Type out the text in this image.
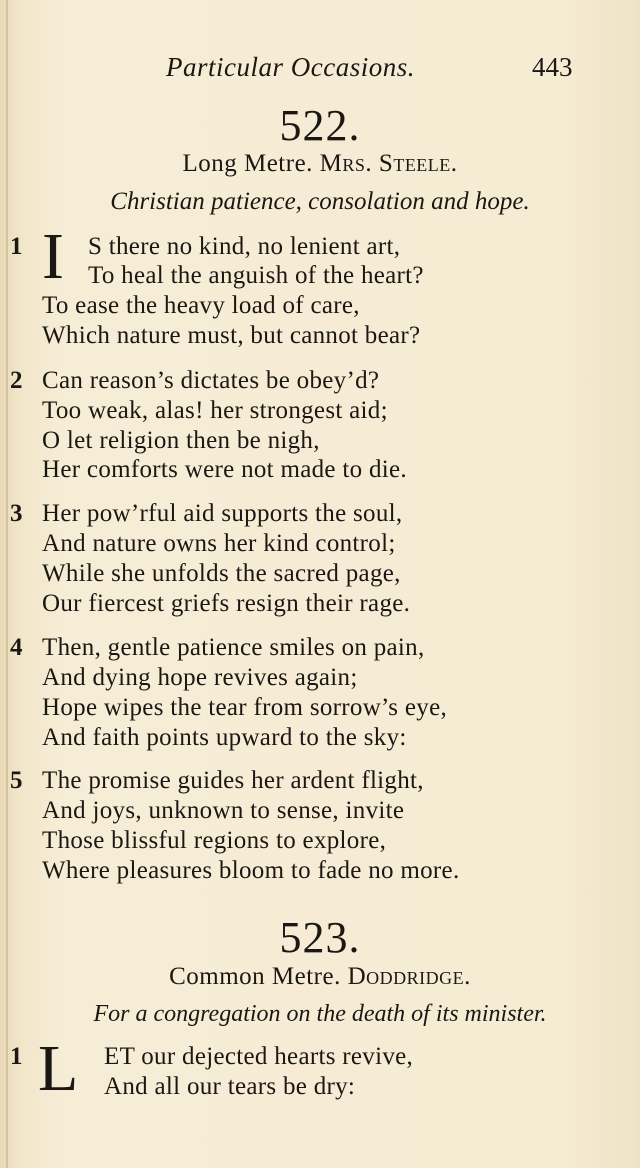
Particular Occasions.	443
522.
Long Metre. Mrs. Steele.
Christian patience, consolation and hope.
1 I S there no kind, no lenient art,
To heal the anguish of the heart?
To ease the heavy load of care,
Which nature must, but cannot bear?
2 Can reason’s dictates be obey’d?
Too weak, alas! her strongest aid;
O let religion then be nigh,
Her comforts were not made to die.
3 Her pow’rful aid supports the soul,
And nature owns her kind control;
While she unfolds the sacred page,
Our fiercest griefs resign their rage.
4 Then, gentle patience smiles on pain,
And dying hope revives again;
Hope wipes the tear from sorrow’s eye,
And faith points upward to the sky:
5 The promise guides her ardent flight,
And joys, unknown to sense, invite
Those blissful regions to explore,
Where pleasures bloom to fade no more.
523.
Common Metre. Doddridge.
For a congregation on the death of its minister.
1 L ET our dejected hearts revive,
And all our tears be dry:
